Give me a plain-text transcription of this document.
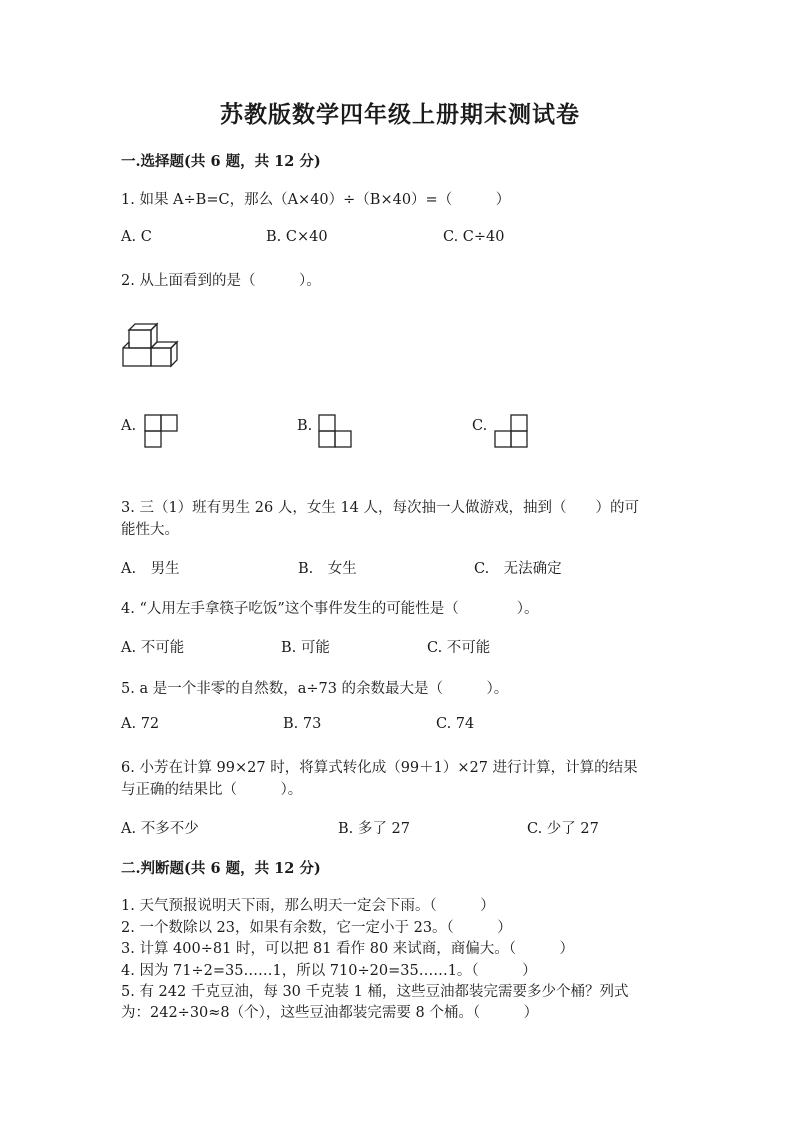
苏教版数学四年级上册期末测试卷
一.选择题(共 6 题，共 12 分)
1. 如果 A÷B=C，那么（A×40）÷（B×40）=（　　　）
A. C	B. C×40	C. C÷40
2. 从上面看到的是（　　　）。
A.	B.	C.
3. 三（1）班有男生 26 人，女生 14 人，每次抽一人做游戏，抽到（　　）的可
能性大。
A.　男生	B.　女生	C.　无法确定
4. “人用左手拿筷子吃饭”这个事件发生的可能性是（　　　　）。
A. 不可能	B. 可能	C. 不可能
5. a 是一个非零的自然数，a÷73 的余数最大是（　　　）。
A. 72	B. 73	C. 74
6. 小芳在计算 99×27 时，将算式转化成（99＋1）×27 进行计算，计算的结果
与正确的结果比（　　　）。
A. 不多不少	B. 多了 27	C. 少了 27
二.判断题(共 6 题，共 12 分)
1. 天气预报说明天下雨，那么明天一定会下雨。（　　　）
2. 一个数除以 23，如果有余数，它一定小于 23。（　　　）
3. 计算 400÷81 时，可以把 81 看作 80 来试商，商偏大。（　　　）
4. 因为 71÷2=35……1，所以 710÷20=35……1。（　　　）
5. 有 242 千克豆油，每 30 千克装 1 桶，这些豆油都装完需要多少个桶？列式
为：242÷30≈8（个），这些豆油都装完需要 8 个桶。（　　　）
